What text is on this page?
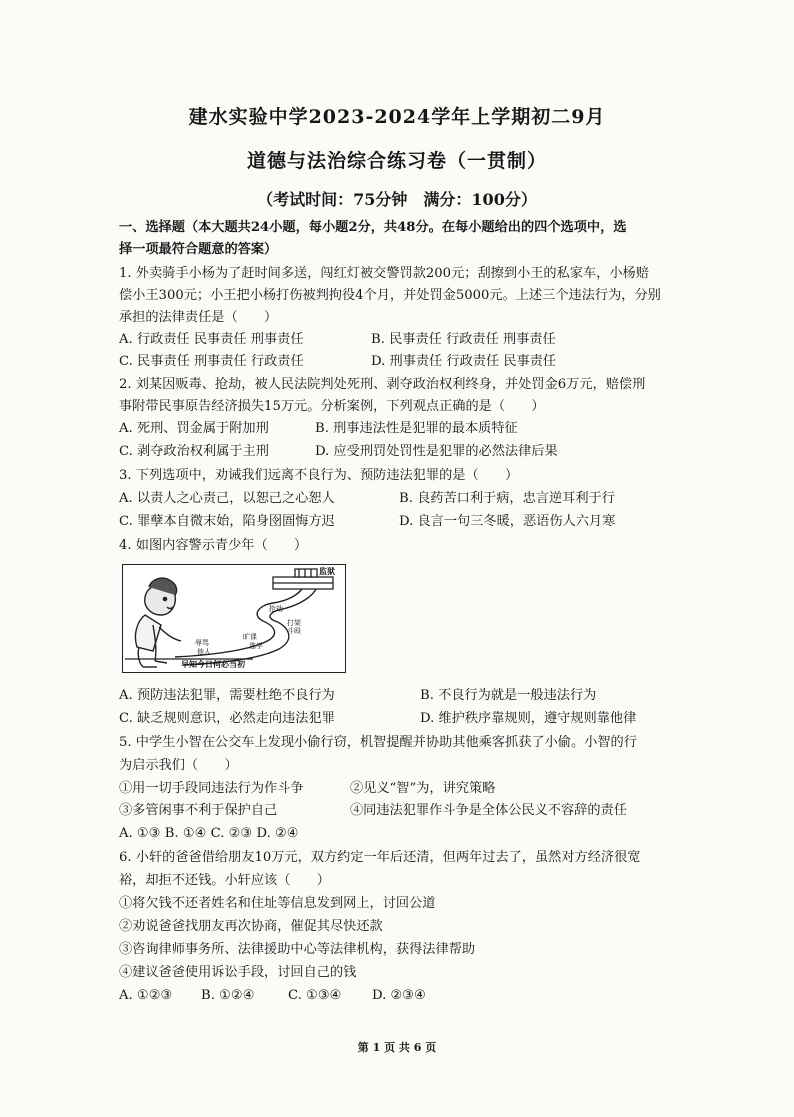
建水实验中学2023-2024学年上学期初二9月
道德与法治综合练习卷（一贯制）
（考试时间：75分钟　满分：100分）
一、选择题（本大题共24小题，每小题2分，共48分。在每小题给出的四个选项中，选
择一项最符合题意的答案）
1. 外卖骑手小杨为了赶时间多送，闯红灯被交警罚款200元；刮擦到小王的私家车，小杨赔
偿小王300元；小王把小杨打伤被判拘役4个月，并处罚金5000元。上述三个违法行为，分别
承担的法律责任是（　　）
A. 行政责任 民事责任 刑事责任	B. 民事责任 行政责任 刑事责任
C. 民事责任 刑事责任 行政责任	D. 刑事责任 行政责任 民事责任
2. 刘某因贩毒、抢劫，被人民法院判处死刑、剥夺政治权利终身，并处罚金6万元，赔偿刑
事附带民事原告经济损失15万元。分析案例，下列观点正确的是（　　）
A. 死刑、罚金属于附加刑	B. 刑事违法性是犯罪的最本质特征
C. 剥夺政治权利属于主刑	D. 应受刑罚处罚性是犯罪的必然法律后果
3. 下列选项中，劝诫我们远离不良行为、预防违法犯罪的是（　　）
A. 以责人之心责己，以恕己之心恕人	B. 良药苦口利于病，忠言逆耳利于行
C. 罪孽本自微末始，陷身囹圄悔方迟	D. 良言一句三冬暖，恶语伤人六月寒
4. 如图内容警示青少年（　　）
监狱
抢劫
打架
斗殴
旷课
逃学
辱骂
他人
早知今日何必当初
A. 预防违法犯罪，需要杜绝不良行为	B. 不良行为就是一般违法行为
C. 缺乏规则意识，必然走向违法犯罪	D. 维护秩序靠规则，遵守规则靠他律
5. 中学生小智在公交车上发现小偷行窃，机智提醒并协助其他乘客抓获了小偷。小智的行
为启示我们（　　）
①用一切手段同违法行为作斗争	②见义“智”为，讲究策略
③多管闲事不利于保护自己	④同违法犯罪作斗争是全体公民义不容辞的责任
A. ①③ B. ①④ C. ②③ D. ②④
6. 小轩的爸爸借给朋友10万元，双方约定一年后还清，但两年过去了，虽然对方经济很宽
裕，却拒不还钱。小轩应该（　　）
①将欠钱不还者姓名和住址等信息发到网上，讨回公道
②劝说爸爸找朋友再次协商，催促其尽快还款
③咨询律师事务所、法律援助中心等法律机构，获得法律帮助
④建议爸爸使用诉讼手段，讨回自己的钱
A. ①②③ B. ①②④	C. ①③④ D. ②③④
第 1 页 共 6 页
